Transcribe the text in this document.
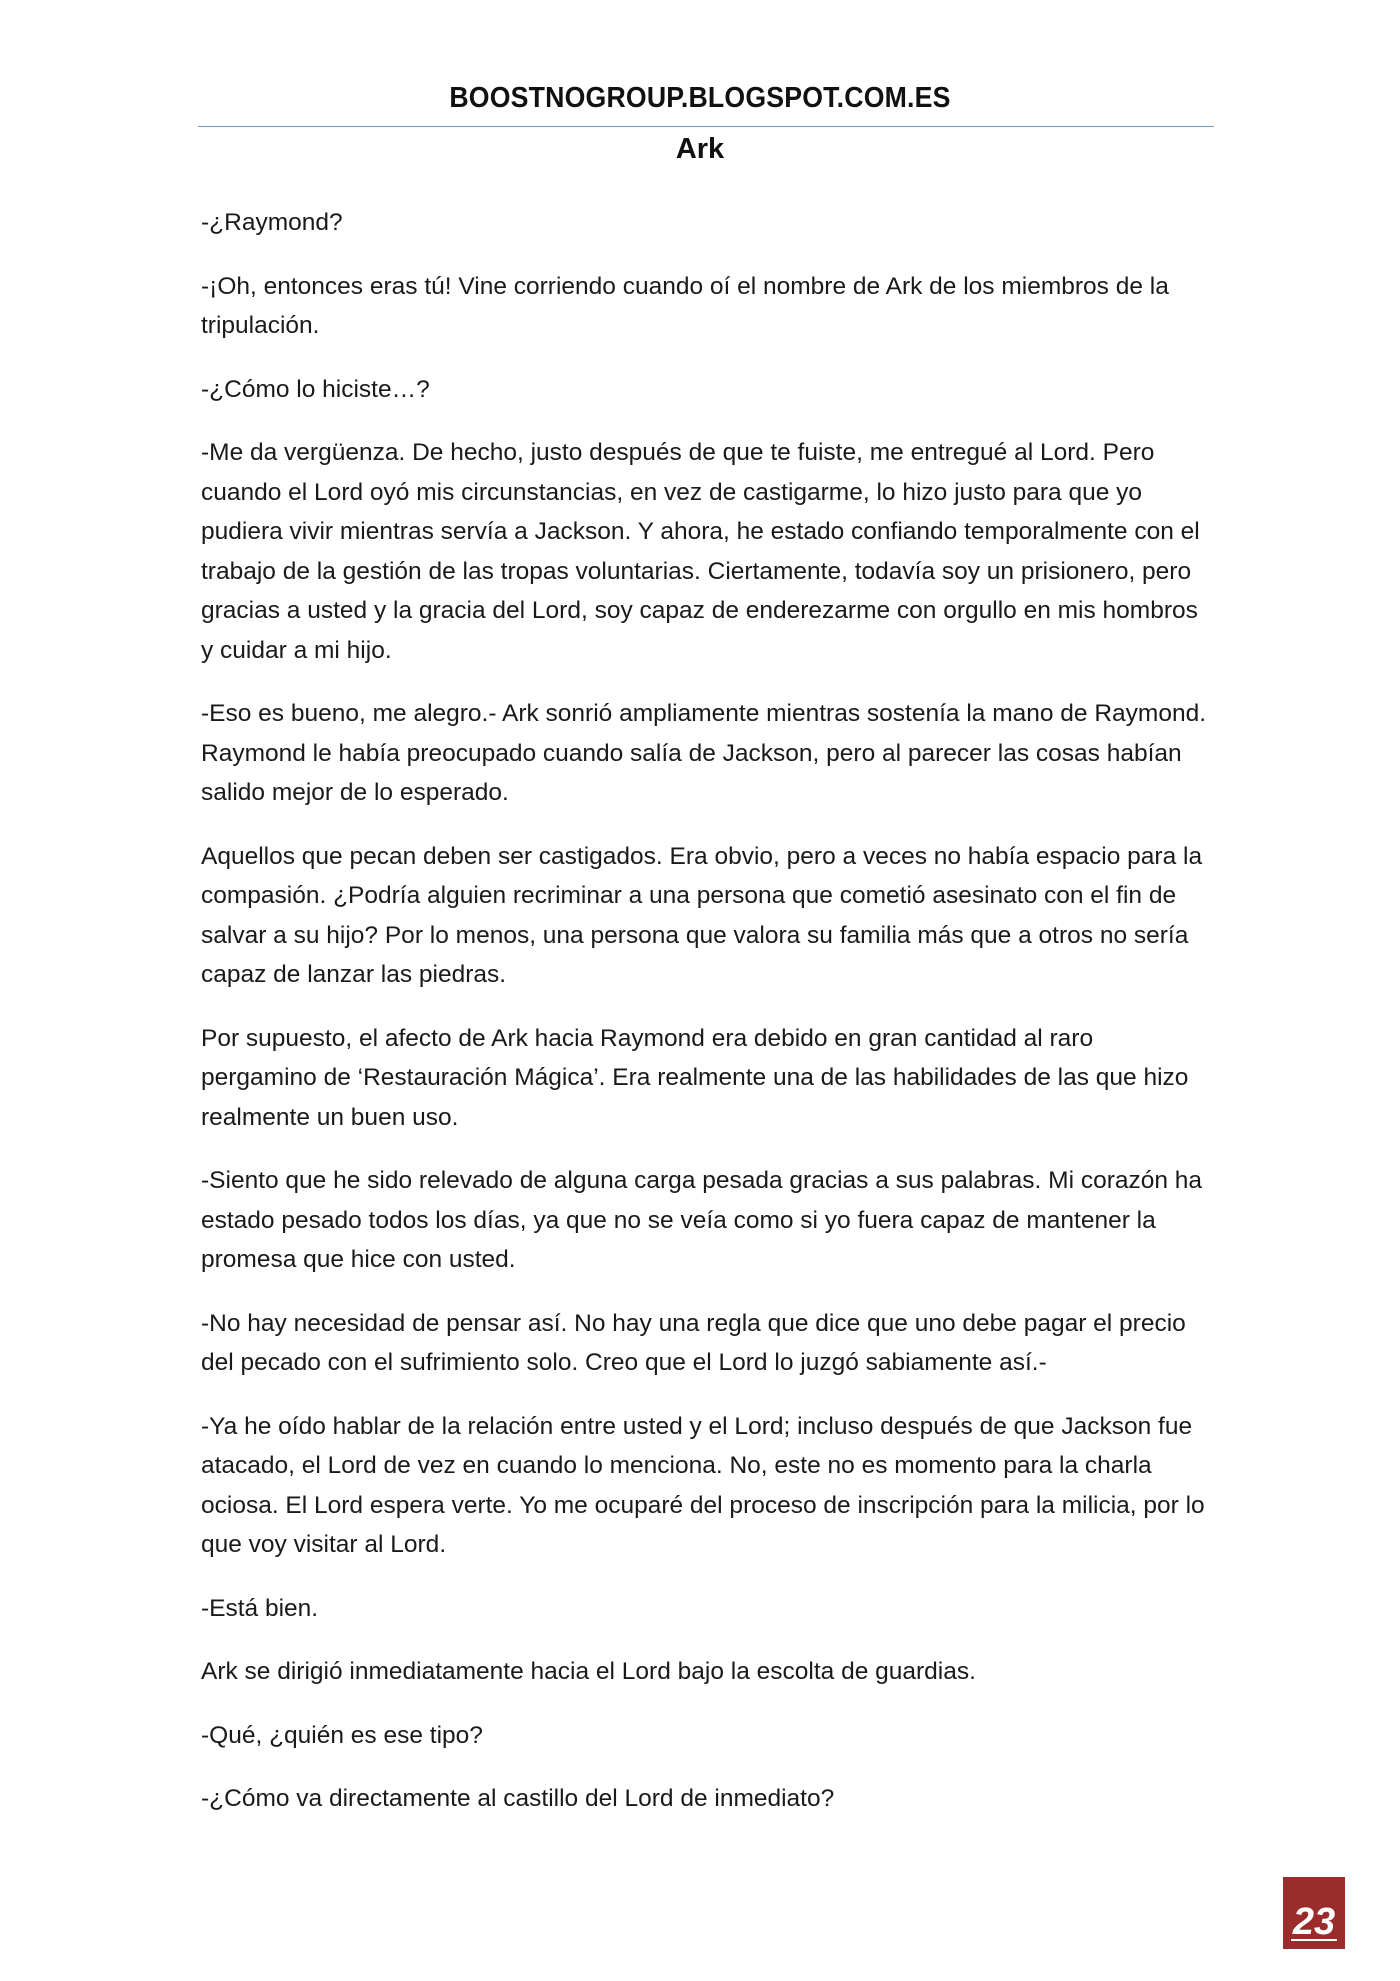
BOOSTNOGROUP.BLOGSPOT.COM.ES
Ark

-¿Raymond?

-¡Oh, entonces eras tú! Vine corriendo cuando oí el nombre de Ark de los miembros de la tripulación.

-¿Cómo lo hiciste…?

-Me da vergüenza. De hecho, justo después de que te fuiste, me entregué al Lord. Pero cuando el Lord oyó mis circunstancias, en vez de castigarme, lo hizo justo para que yo pudiera vivir mientras servía a Jackson. Y ahora, he estado confiando temporalmente con el trabajo de la gestión de las tropas voluntarias. Ciertamente, todavía soy un prisionero, pero gracias a usted y la gracia del Lord, soy capaz de enderezarme con orgullo en mis hombros y cuidar a mi hijo.

-Eso es bueno, me alegro.- Ark sonrió ampliamente mientras sostenía la mano de Raymond. Raymond le había preocupado cuando salía de Jackson, pero al parecer las cosas habían salido mejor de lo esperado.

Aquellos que pecan deben ser castigados. Era obvio, pero a veces no había espacio para la compasión. ¿Podría alguien recriminar a una persona que cometió asesinato con el fin de salvar a su hijo? Por lo menos, una persona que valora su familia más que a otros no sería capaz de lanzar las piedras.

Por supuesto, el afecto de Ark hacia Raymond era debido en gran cantidad al raro pergamino de ‘Restauración Mágica’. Era realmente una de las habilidades de las que hizo realmente un buen uso.

-Siento que he sido relevado de alguna carga pesada gracias a sus palabras. Mi corazón ha estado pesado todos los días, ya que no se veía como si yo fuera capaz de mantener la promesa que hice con usted.

-No hay necesidad de pensar así. No hay una regla que dice que uno debe pagar el precio del pecado con el sufrimiento solo. Creo que el Lord lo juzgó sabiamente así.-

-Ya he oído hablar de la relación entre usted y el Lord; incluso después de que Jackson fue atacado, el Lord de vez en cuando lo menciona. No, este no es momento para la charla ociosa. El Lord espera verte. Yo me ocuparé del proceso de inscripción para la milicia, por lo que voy visitar al Lord.

-Está bien.

Ark se dirigió inmediatamente hacia el Lord bajo la escolta de guardias.

-Qué, ¿quién es ese tipo?

-¿Cómo va directamente al castillo del Lord de inmediato?

23
